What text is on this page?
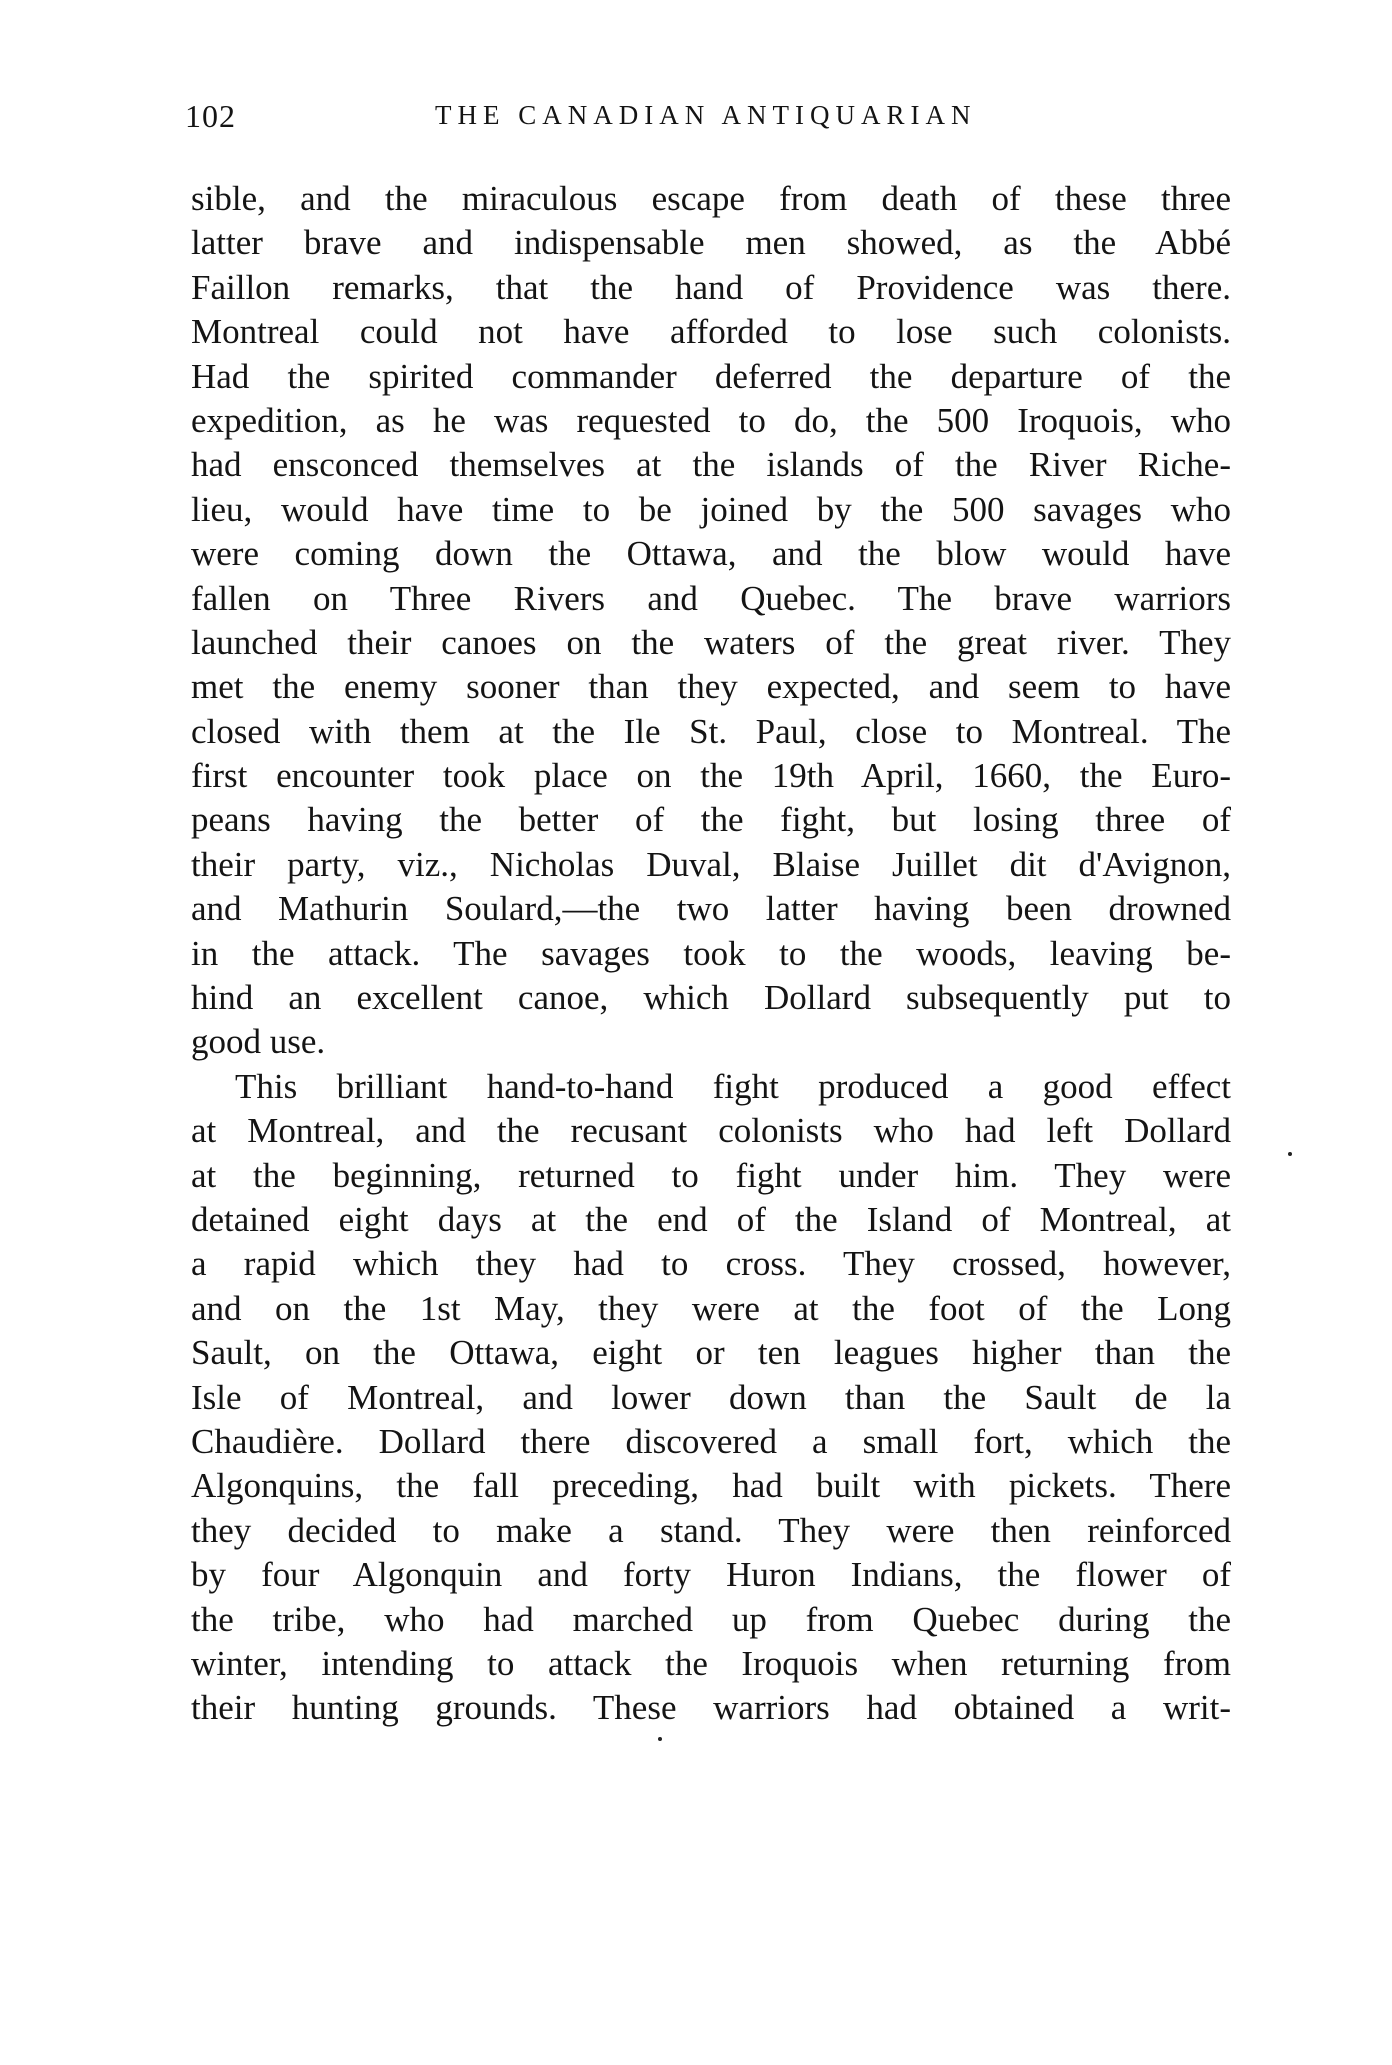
102	THE CANADIAN ANTIQUARIAN
sible, and the miraculous escape from death of these three
latter brave and indispensable men showed, as the Abbé
Faillon remarks, that the hand of Providence was there.
Montreal could not have afforded to lose such colonists.
Had the spirited commander deferred the departure of the
expedition, as he was requested to do, the 500 Iroquois, who
had ensconced themselves at the islands of the River Riche-
lieu, would have time to be joined by the 500 savages who
were coming down the Ottawa, and the blow would have
fallen on Three Rivers and Quebec. The brave warriors
launched their canoes on the waters of the great river. They
met the enemy sooner than they expected, and seem to have
closed with them at the Ile St. Paul, close to Montreal. The
first encounter took place on the 19th April, 1660, the Euro-
peans having the better of the fight, but losing three of
their party, viz., Nicholas Duval, Blaise Juillet dit d'Avignon,
and Mathurin Soulard,—the two latter having been drowned
in the attack. The savages took to the woods, leaving be-
hind an excellent canoe, which Dollard subsequently put to
good use.
This brilliant hand-to-hand fight produced a good effect
at Montreal, and the recusant colonists who had left Dollard
at the beginning, returned to fight under him. They were
detained eight days at the end of the Island of Montreal, at
a rapid which they had to cross. They crossed, however,
and on the 1st May, they were at the foot of the Long
Sault, on the Ottawa, eight or ten leagues higher than the
Isle of Montreal, and lower down than the Sault de la
Chaudière. Dollard there discovered a small fort, which the
Algonquins, the fall preceding, had built with pickets. There
they decided to make a stand. They were then reinforced
by four Algonquin and forty Huron Indians, the flower of
the tribe, who had marched up from Quebec during the
winter, intending to attack the Iroquois when returning from
their hunting grounds. These warriors had obtained a writ-
